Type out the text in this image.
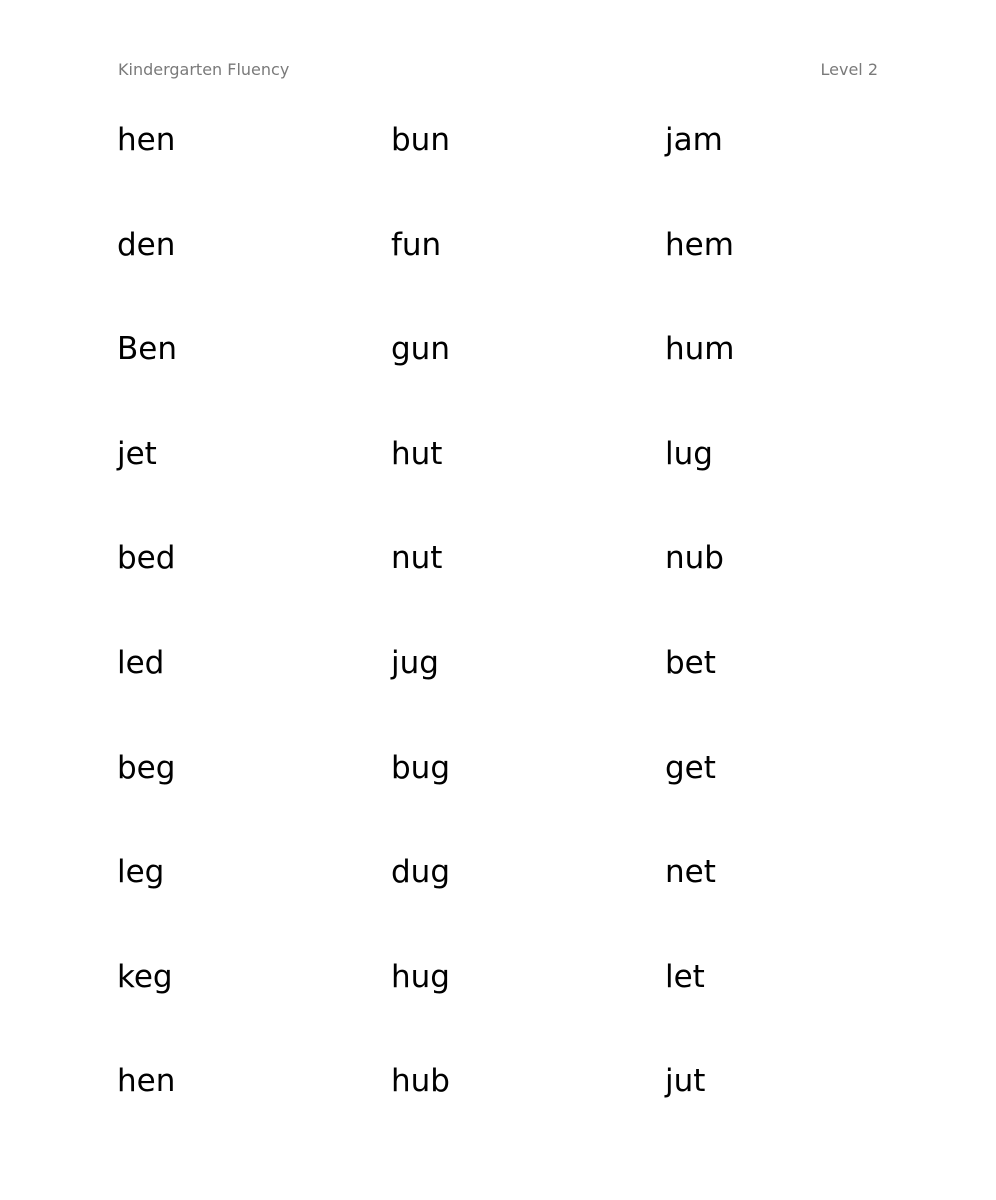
Kindergarten Fluency	Level 2
hen
den
Ben
jet
bed
led
beg
leg
keg
hen
bun
fun
gun
hut
nut
jug
bug
dug
hug
hub
jam
hem
hum
lug
nub
bet
get
net
let
jut
